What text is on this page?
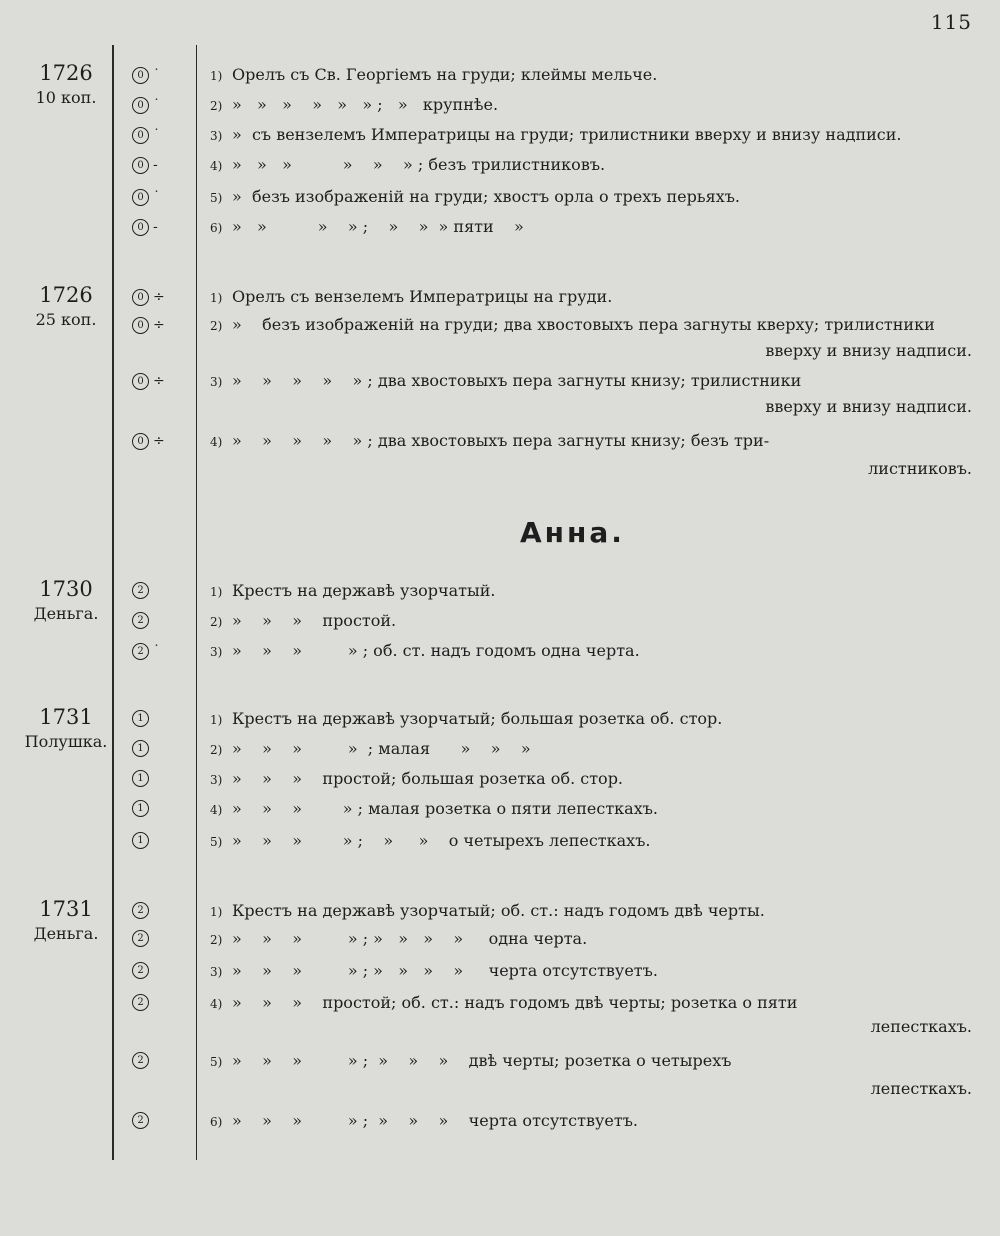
115
Анна.
1726
10 коп.
0 ˙	1) Орелъ съ Св. Георгіемъ на груди; клеймы мельче.
0 ˙	2) »   »   »    »   »   » ;   »   крупнѣе.
0 ˙	3) »  съ вензелемъ Императрицы на груди; трилистники вверху и внизу надписи.
0 -	4) »   »   »          »    »    » ; безъ трилистниковъ.
0 ˙	5) »  безъ изображеній на груди; хвостъ орла о трехъ перьяхъ.
0 -	6) »   »          »    » ;    »    »  » пяти    »
1726
25 коп.
0 ÷	1) Орелъ съ вензелемъ Императрицы на груди.
0 ÷	2) »    безъ изображеній на груди; два хвостовыхъ пера загнуты кверху; трилистники
вверху и внизу надписи.
0 ÷	3) »    »    »    »    » ; два хвостовыхъ пера загнуты книзу; трилистники
вверху и внизу надписи.
0 ÷	4) »    »    »    »    » ; два хвостовыхъ пера загнуты книзу; безъ три-
листниковъ.
1730
Деньга.
2	1) Крестъ на державѣ узорчатый.
2	2) »    »    »    простой.
2 ˙	3) »    »    »         » ; об. ст. надъ годомъ одна черта.
1731
Полушка.
1	1) Крестъ на державѣ узорчатый; большая розетка об. стор.
1	2) »    »    »         »  ; малая      »    »    »
1	3) »    »    »    простой; большая розетка об. стор.
1	4) »    »    »        » ; малая розетка о пяти лепесткахъ.
1	5) »    »    »        » ;    »     »    о четырехъ лепесткахъ.
1731
Деньга.
2	1) Крестъ на державѣ узорчатый; об. ст.: надъ годомъ двѣ черты.
2	2) »    »    »         » ; »   »   »    »     одна черта.
2	3) »    »    »         » ; »   »   »    »     черта отсутствуетъ.
2	4) »    »    »    простой; об. ст.: надъ годомъ двѣ черты; розетка о пяти
лепесткахъ.
2	5) »    »    »         » ;  »    »    »    двѣ черты; розетка о четырехъ
лепесткахъ.
2	6) »    »    »         » ;  »    »    »    черта отсутствуетъ.
